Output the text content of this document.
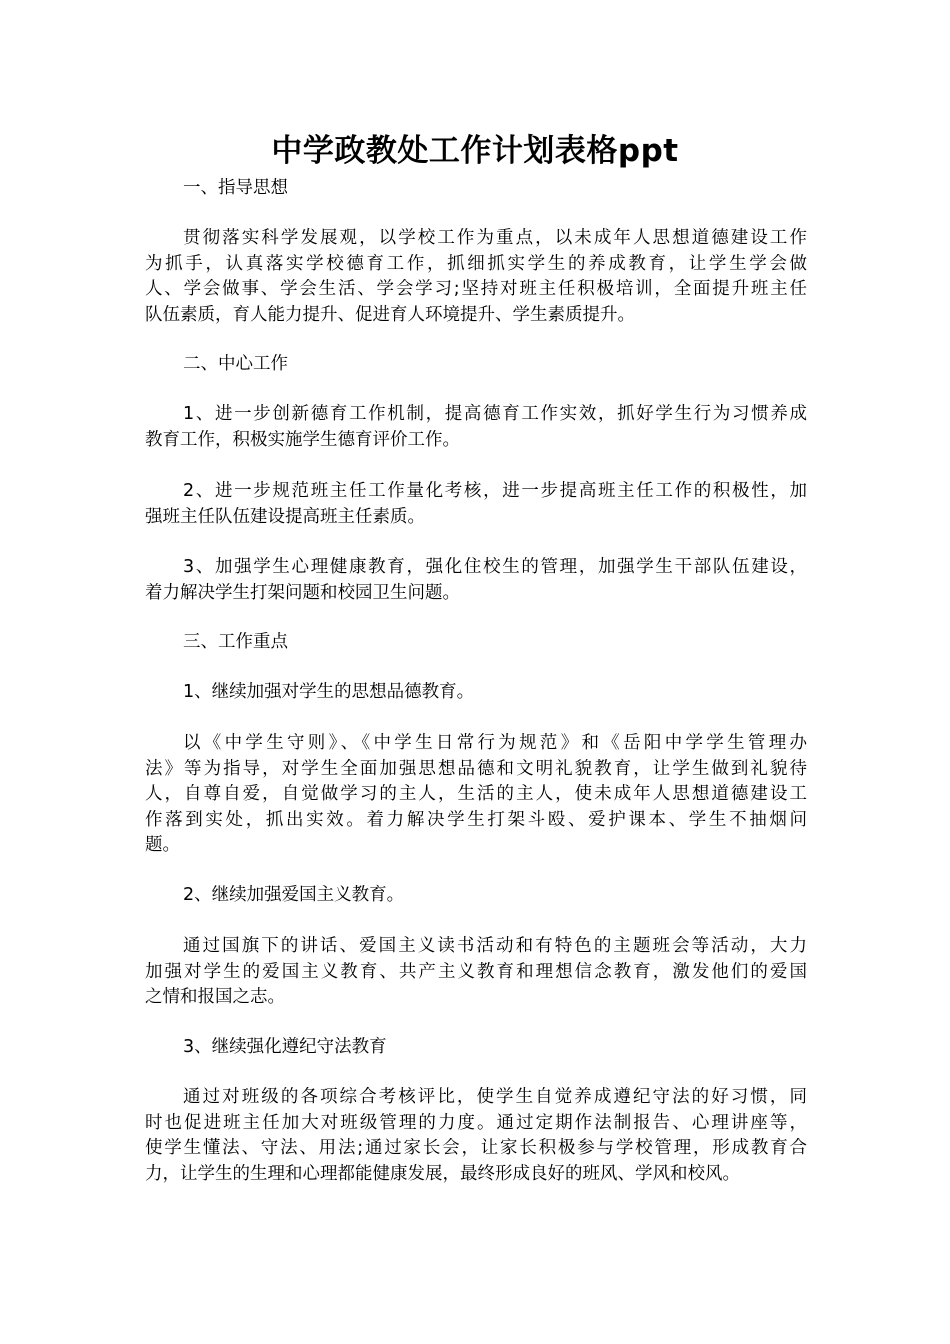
中学政教处工作计划表格ppt

一、指导思想

贯彻落实科学发展观，以学校工作为重点，以未成年人思想道德建设工作
为抓手，认真落实学校德育工作，抓细抓实学生的养成教育，让学生学会做
人、学会做事、学会生活、学会学习;坚持对班主任积极培训，全面提升班主任
队伍素质，育人能力提升、促进育人环境提升、学生素质提升。

二、中心工作

1、进一步创新德育工作机制，提高德育工作实效，抓好学生行为习惯养成
教育工作，积极实施学生德育评价工作。
2、进一步规范班主任工作量化考核，进一步提高班主任工作的积极性，加
强班主任队伍建设提高班主任素质。
3、加强学生心理健康教育，强化住校生的管理，加强学生干部队伍建设，
着力解决学生打架问题和校园卫生问题。

三、工作重点

1、继续加强对学生的思想品德教育。

以《中学生守则》、《中学生日常行为规范》和《岳阳中学学生管理办
法》等为指导，对学生全面加强思想品德和文明礼貌教育，让学生做到礼貌待
人，自尊自爱，自觉做学习的主人，生活的主人，使未成年人思想道德建设工
作落到实处，抓出实效。着力解决学生打架斗殴、爱护课本、学生不抽烟问
题。

2、继续加强爱国主义教育。

通过国旗下的讲话、爱国主义读书活动和有特色的主题班会等活动，大力
加强对学生的爱国主义教育、共产主义教育和理想信念教育，激发他们的爱国
之情和报国之志。

3、继续强化遵纪守法教育

通过对班级的各项综合考核评比，使学生自觉养成遵纪守法的好习惯，同
时也促进班主任加大对班级管理的力度。通过定期作法制报告、心理讲座等，
使学生懂法、守法、用法;通过家长会，让家长积极参与学校管理，形成教育合
力，让学生的生理和心理都能健康发展，最终形成良好的班风、学风和校风。
